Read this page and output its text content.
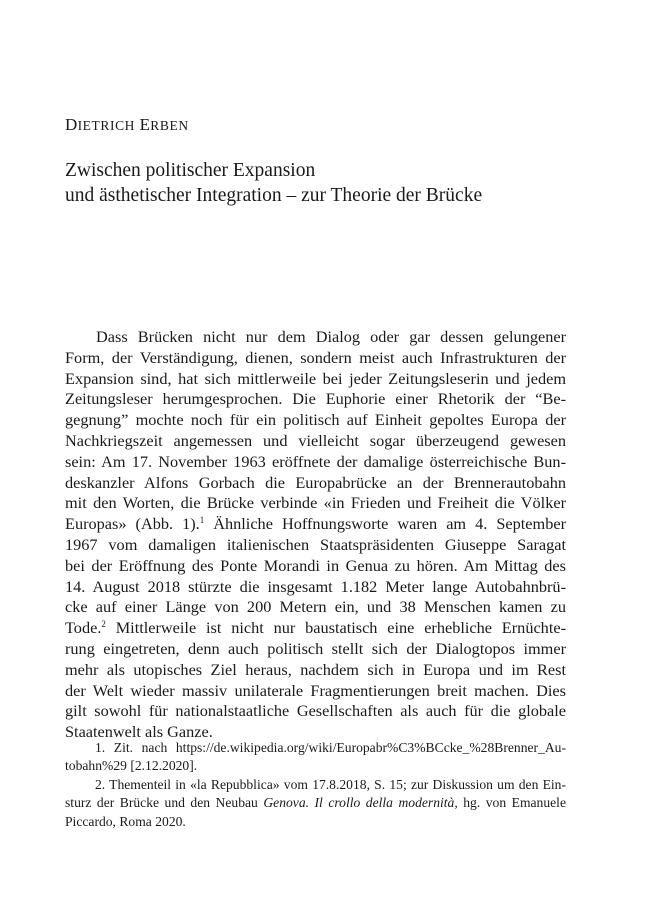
DIETRICH ERBEN
Zwischen politischer Expansion
und ästhetischer Integration – zur Theorie der Brücke
Dass Brücken nicht nur dem Dialog oder gar dessen gelungener
Form, der Verständigung, dienen, sondern meist auch Infrastrukturen der
Expansion sind, hat sich mittlerweile bei jeder Zeitungsleserin und jedem
Zeitungsleser herumgesprochen. Die Euphorie einer Rhetorik der “Be-
gegnung” mochte noch für ein politisch auf Einheit gepoltes Europa der
Nachkriegszeit angemessen und vielleicht sogar überzeugend gewesen
sein: Am 17. November 1963 eröffnete der damalige österreichische Bun-
deskanzler Alfons Gorbach die Europabrücke an der Brennerautobahn
mit den Worten, die Brücke verbinde «in Frieden und Freiheit die Völker
Europas» (Abb. 1).$^1$ Ähnliche Hoffnungsworte waren am 4. September
1967 vom damaligen italienischen Staatspräsidenten Giuseppe Saragat
bei der Eröffnung des Ponte Morandi in Genua zu hören. Am Mittag des
14. August 2018 stürzte die insgesamt 1.182 Meter lange Autobahnbrü-
cke auf einer Länge von 200 Metern ein, und 38 Menschen kamen zu
Tode.$^2$ Mittlerweile ist nicht nur baustatisch eine erhebliche Ernüchte-
rung eingetreten, denn auch politisch stellt sich der Dialogtopos immer
mehr als utopisches Ziel heraus, nachdem sich in Europa und im Rest
der Welt wieder massiv unilaterale Fragmentierungen breit machen. Dies
gilt sowohl für nationalstaatliche Gesellschaften als auch für die globale
Staatenwelt als Ganze.
1. Zit. nach https://de.wikipedia.org/wiki/Europabr%C3%BCcke_%28Brenner_Au-
tobahn%29 [2.12.2020].
2. Thementeil in «la Repubblica» vom 17.8.2018, S. 15; zur Diskussion um den Ein-
sturz der Brücke und den Neubau Genova. Il crollo della modernità, hg. von Emanuele
Piccardo, Roma 2020.
